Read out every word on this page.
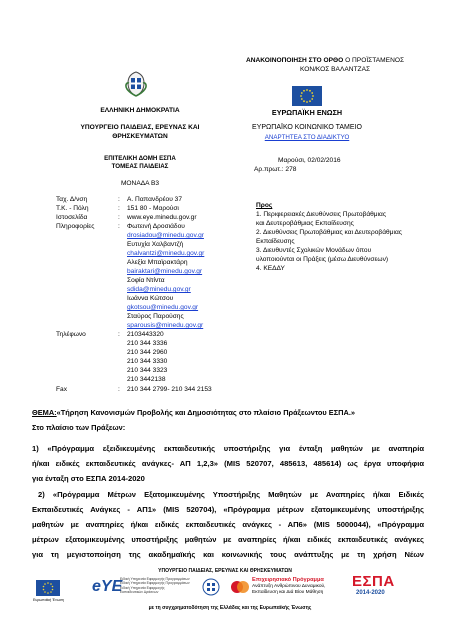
ΑΝΑΚΟΙΝΟΠΟΙΗΣΗ ΣΤΟ ΟΡΘΟ Ο ΠΡΟΪΣΤΑΜΕΝΟΣ
ΚΟΝ/ΚΟΣ ΒΑΛΑΝΤΖΑΣ
ΕΛΛΗΝΙΚΗ ΔΗΜΟΚΡΑΤΙΑ	ΕΥΡΩΠΑΪΚΗ ΕΝΩΣΗ
ΥΠΟΥΡΓΕΙΟ ΠΑΙΔΕΙΑΣ, ΕΡΕΥΝΑΣ ΚΑΙ
ΘΡΗΣΚΕΥΜΑΤΩΝ
ΕΥΡΩΠΑΪΚΟ ΚΟΙΝΩΝΙΚΟ ΤΑΜΕΙΟ
ΑΝΑΡΤΗΤΕΑ ΣΤΟ ΔΙΑΔΙΚΤΥΟ
ΕΠΙΤΕΛΙΚΗ ΔΟΜΗ ΕΣΠΑ
ΤΟΜΕΑΣ ΠΑΙΔΕΙΑΣ
Μαρούσι, 02/02/2016
Αρ.πρωτ.: 278
ΜΟΝΑΔΑ Β3
Ταχ. Δ/νση	: Α. Παπανδρέου 37
Τ.Κ. - Πόλη	: 151 80 - Μαρούσι
Ιστοσελίδα	: www.eye.minedu.gov.gr
Πληροφορίες	: Φωτεινή Δροσιάδου
drosiadou@minedu.gov.gr
Ευτυχία Χαλβαντζή
chalvantzi@minedu.gov.gr
Αλεξία Μπαϊρακτάρη
bairaktari@minedu.gov.gr
Σοφία Ντίντα
sdida@minedu.gov.gr
Ιωάννα Κώτσου
gkotsou@minedu.gov.gr
Σταύρος Παρούσης
sparousis@minedu.gov.gr
Τηλέφωνο	: 2103443320
210 344 3336
210 344 2960
210 344 3330
210 344 3323
210 3442138
Fax	: 210 344 2799- 210 344 2153
Προς
1. Περιφερειακές Διευθύνσεις Πρωτοβάθμιας
και Δευτεροβάθμιας Εκπαίδευσης
2. Διευθύνσεις Πρωτοβάθμιας και Δευτεροβάθμιας
Εκπαίδευσης
3. Διευθυντές Σχολικών Μονάδων όπου
υλοποιούνται οι Πράξεις (μέσω Διευθύνσεων)
4. ΚΕΔΔΥ
ΘΕΜΑ:«Τήρηση Κανονισμών Προβολής και Δημοσιότητας στο πλαίσιο Πράξεωντου ΕΣΠΑ.»
Στο πλαίσιο των Πράξεων:
1) «Πρόγραμμα εξειδικευμένης εκπαιδευτικής υποστήριξης για ένταξη μαθητών με αναπηρία
ή/και ειδικές εκπαιδευτικές ανάγκες- ΑΠ 1,2,3» (MIS 520707, 485613, 485614) ως έργα υποφήφια
για ένταξη στο ΕΣΠΑ 2014-2020
2) «Πρόγραμμα Μέτρων Εξατομικευμένης Υποστήριξης Μαθητών με Αναπηρίες ή/και Ειδικές
Εκπαιδευτικές Ανάγκες - ΑΠ1» (MIS 520704), «Πρόγραμμα μέτρων εξατομικευμένης υποστήριξης
μαθητών με αναπηρίες ή/και ειδικές εκπαιδευτικές ανάγκες - ΑΠ6» (MIS 5000044), «Πρόγραμμα
μέτρων εξατομικευμένης υποστήριξης μαθητών με αναπηρίες ή/και ειδικές εκπαιδευτικές ανάγκες
για τη μεγιστοποίηση της ακαδημαϊκής και κοινωνικής τους ανάπτυξης με τη χρήση Νέων
ΥΠΟΥΡΓΕΙΟ ΠΑΙΔΕΙΑΣ, ΕΡΕΥΝΑΣ ΚΑΙ ΘΡΗΣΚΕΥΜΑΤΩΝ
Ευρωπαϊκή Ένωση
eYE
Ειδική Υπηρεσία Εφαρμογής Προγραμμάτων
Ειδική Υπηρεσία Εφαρμογής Προγραμμάτων
Ειδική Υπηρεσία Εφαρμογής
Εκπαιδευτικών Δράσεων
Επιχειρησιακό Πρόγραμμα
Ανάπτυξη Ανθρώπινου Δυναμικού,
Εκπαίδευση και Διά Βίου Μάθηση
ΕΣΠΑ
2014-2020
με τη συγχρηματοδότηση της Ελλάδας και της Ευρωπαϊκής Ένωσης
